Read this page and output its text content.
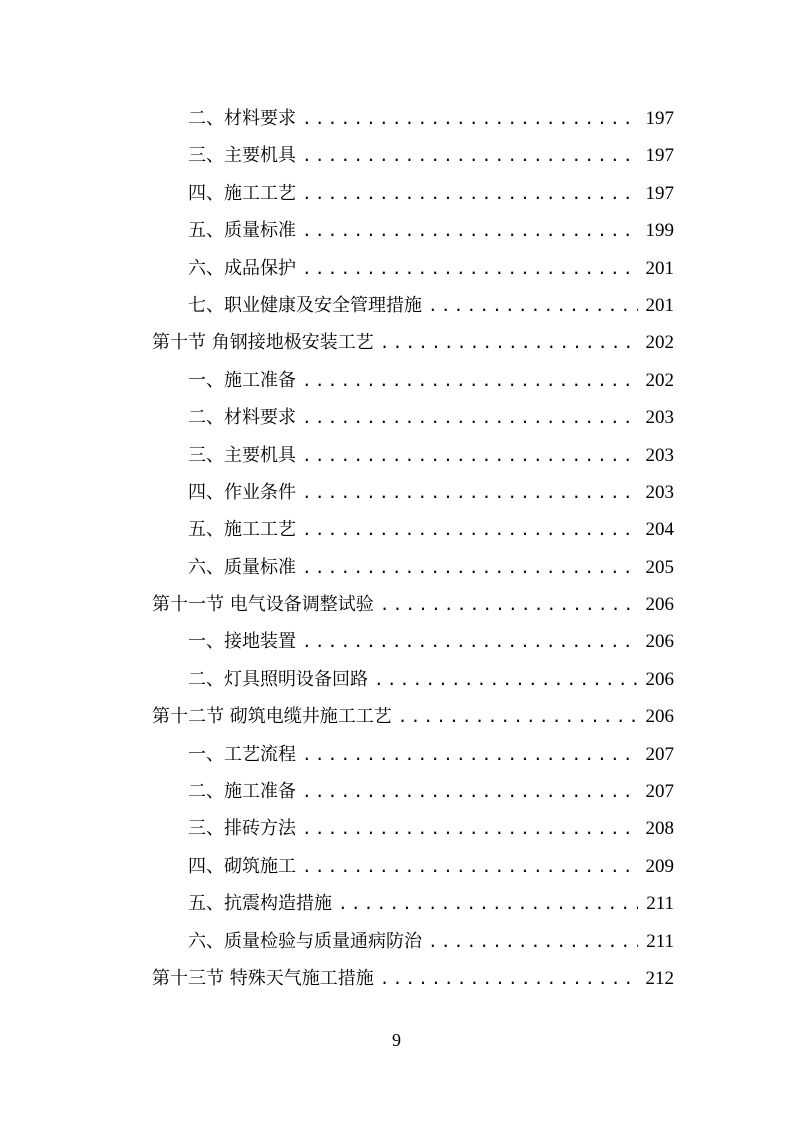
二、材料要求 .....	197
三、主要机具 .....	197
四、施工工艺 .....	197
五、质量标准 .....	199
六、成品保护 .....	201
七、职业健康及安全管理措施 .....	201
第十节 角钢接地极安装工艺 .....	202
一、施工准备 .....	202
二、材料要求 .....	203
三、主要机具 .....	203
四、作业条件 .....	203
五、施工工艺 .....	204
六、质量标准 .....	205
第十一节 电气设备调整试验 .....	206
一、接地装置 .....	206
二、灯具照明设备回路 .....	206
第十二节 砌筑电缆井施工工艺 .....	206
一、工艺流程 .....	207
二、施工准备 .....	207
三、排砖方法 .....	208
四、砌筑施工 .....	209
五、抗震构造措施 .....	211
六、质量检验与质量通病防治 .....	211
第十三节 特殊天气施工措施 .....	212
9
